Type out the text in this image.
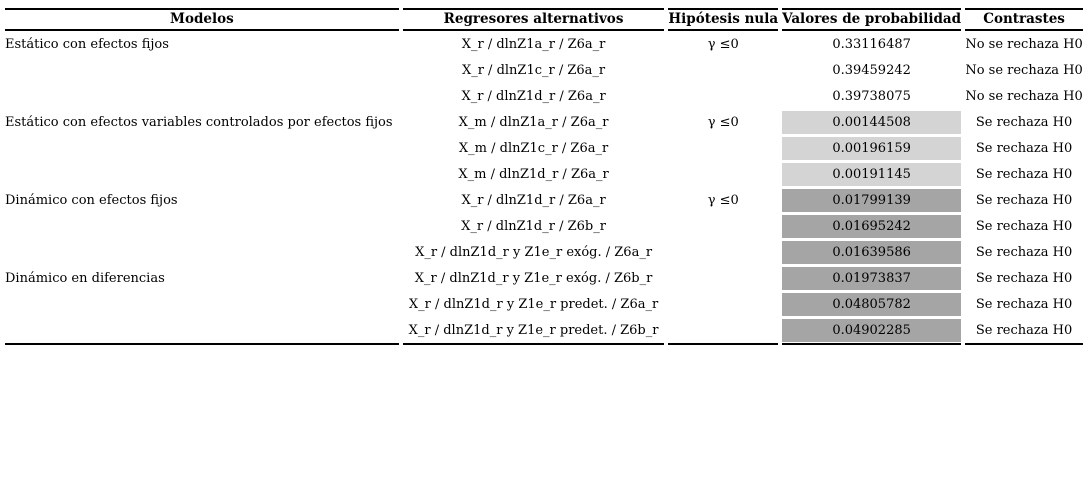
Modelos	Regresores alternativos	Hipótesis nula	Valores de probabilidad	Contrastes
Estático con efectos fijos	X_r / dlnZ1a_r / Z6a_r	γ ≤0	0.33116487	No se rechaza H0
	X_r / dlnZ1c_r / Z6a_r		0.39459242	No se rechaza H0
	X_r / dlnZ1d_r / Z6a_r		0.39738075	No se rechaza H0
Estático con efectos variables controlados por efectos fijos	X_m / dlnZ1a_r / Z6a_r	γ ≤0	0.00144508	Se rechaza H0
	X_m / dlnZ1c_r / Z6a_r		0.00196159	Se rechaza H0
	X_m / dlnZ1d_r / Z6a_r		0.00191145	Se rechaza H0
Dinámico con efectos fijos	X_r / dlnZ1d_r / Z6a_r	γ ≤0	0.01799139	Se rechaza H0
	X_r / dlnZ1d_r / Z6b_r		0.01695242	Se rechaza H0
	X_r / dlnZ1d_r y Z1e_r exóg. / Z6a_r		0.01639586	Se rechaza H0
Dinámico en diferencias	X_r / dlnZ1d_r y Z1e_r exóg. / Z6b_r		0.01973837	Se rechaza H0
	X_r / dlnZ1d_r y Z1e_r predet. / Z6a_r		0.04805782	Se rechaza H0
	X_r / dlnZ1d_r y Z1e_r predet. / Z6b_r		0.04902285	Se rechaza H0
